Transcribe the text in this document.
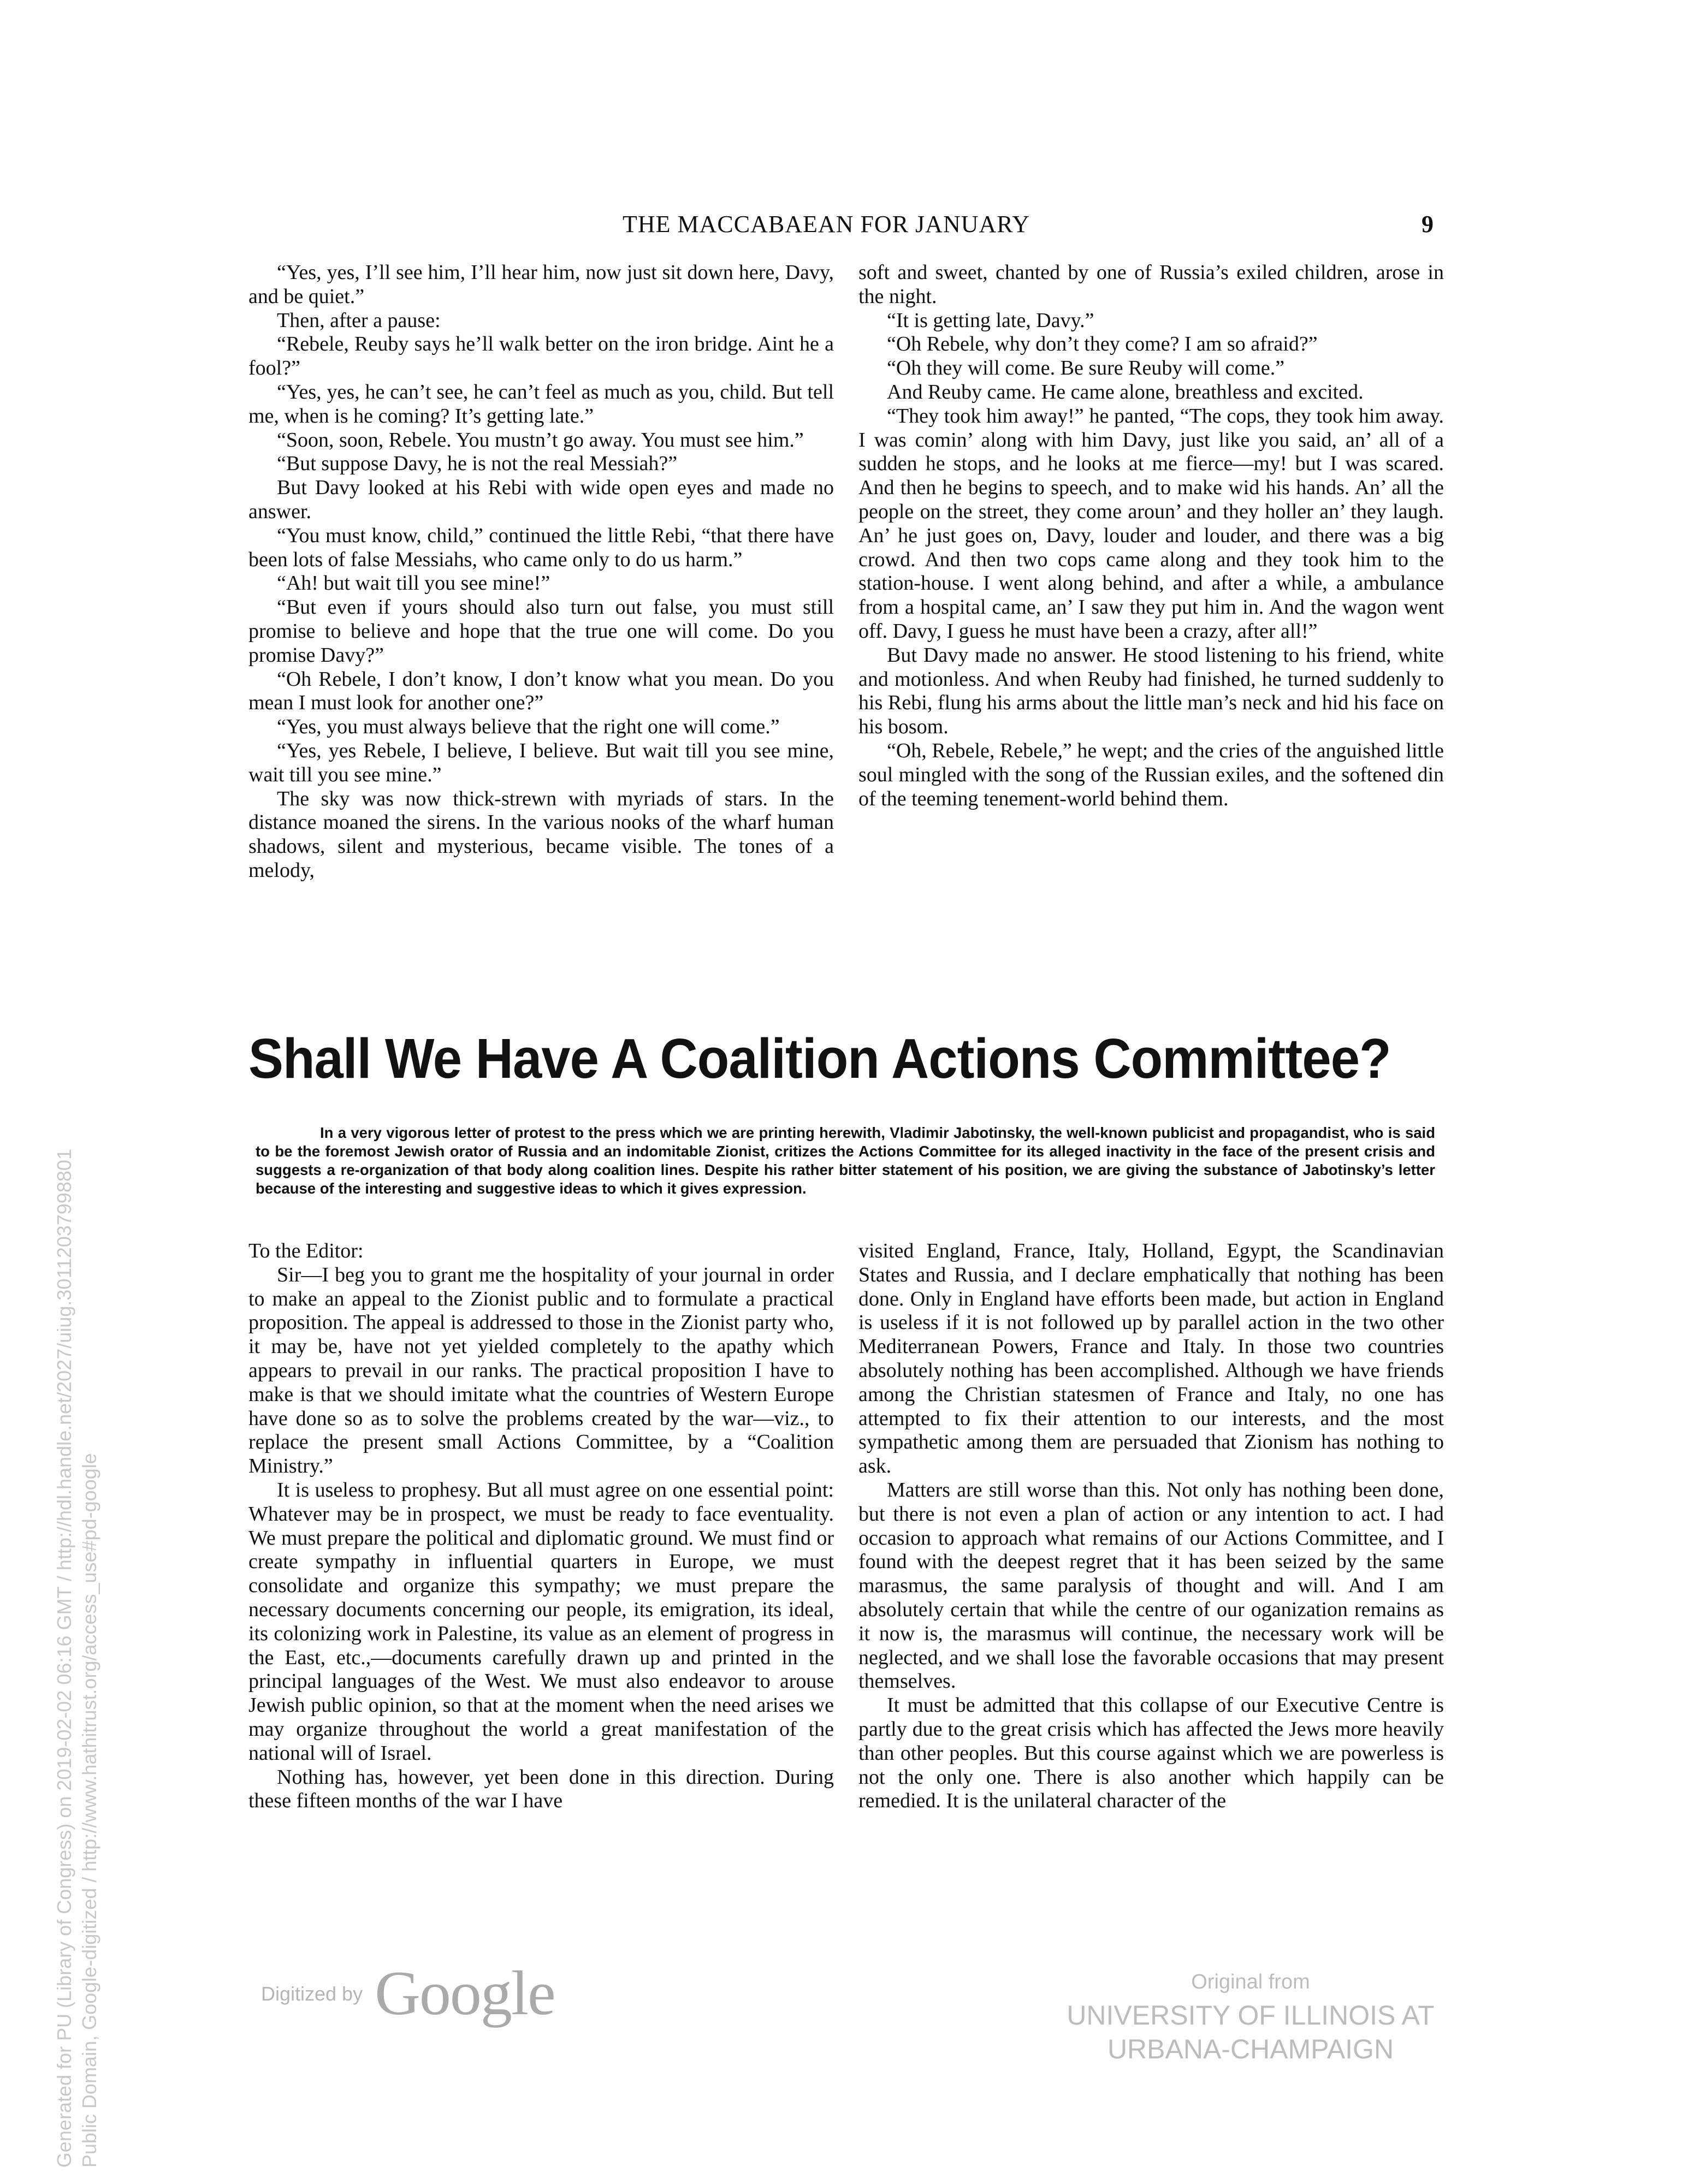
THE MACCABAEAN FOR JANUARY	9

“Yes, yes, I’ll see him, I’ll hear him, now just sit down here, Davy, and be quiet.”

Then, after a pause:

“Rebele, Reuby says he’ll walk better on the iron bridge. Aint he a fool?”

“Yes, yes, he can’t see, he can’t feel as much as you, child. But tell me, when is he coming? It’s getting late.”

“Soon, soon, Rebele. You mustn’t go away. You must see him.”

“But suppose Davy, he is not the real Messiah?”

But Davy looked at his Rebi with wide open eyes and made no answer.

“You must know, child,” continued the little Rebi, “that there have been lots of false Messiahs, who came only to do us harm.”

“Ah! but wait till you see mine!”

“But even if yours should also turn out false, you must still promise to believe and hope that the true one will come. Do you promise Davy?”

“Oh Rebele, I don’t know, I don’t know what you mean. Do you mean I must look for another one?”

“Yes, you must always believe that the right one will come.”

“Yes, yes Rebele, I believe, I believe. But wait till you see mine, wait till you see mine.”

The sky was now thick-strewn with myriads of stars. In the distance moaned the sirens. In the various nooks of the wharf human shadows, silent and mysterious, became visible. The tones of a melody,

soft and sweet, chanted by one of Russia’s exiled children, arose in the night.

“It is getting late, Davy.”

“Oh Rebele, why don’t they come? I am so afraid?”

“Oh they will come. Be sure Reuby will come.”

And Reuby came. He came alone, breathless and excited.

“They took him away!” he panted, “The cops, they took him away. I was comin’ along with him Davy, just like you said, an’ all of a sudden he stops, and he looks at me fierce—my! but I was scared. And then he begins to speech, and to make wid his hands. An’ all the people on the street, they come aroun’ and they holler an’ they laugh. An’ he just goes on, Davy, louder and louder, and there was a big crowd. And then two cops came along and they took him to the station-house. I went along behind, and after a while, a ambulance from a hospital came, an’ I saw they put him in. And the wagon went off. Davy, I guess he must have been a crazy, after all!”

But Davy made no answer. He stood listening to his friend, white and motionless. And when Reuby had finished, he turned suddenly to his Rebi, flung his arms about the little man’s neck and hid his face on his bosom.

“Oh, Rebele, Rebele,” he wept; and the cries of the anguished little soul mingled with the song of the Russian exiles, and the softened din of the teeming tenement-world behind them.

Shall We Have A Coalition Actions Committee?
In a very vigorous letter of protest to the press which we are printing herewith, Vladimir Jabotinsky, the well-known publicist and propagandist, who is said to be the foremost Jewish orator of Russia and an indomitable Zionist, critizes the Actions Committee for its alleged inactivity in the face of the present crisis and suggests a re-organization of that body along coalition lines. Despite his rather bitter statement of his position, we are giving the substance of Jabotinsky’s letter because of the interesting and suggestive ideas to which it gives expression.

To the Editor:

Sir—I beg you to grant me the hospitality of your journal in order to make an appeal to the Zionist public and to formulate a practical proposition. The appeal is addressed to those in the Zionist party who, it may be, have not yet yielded completely to the apathy which appears to prevail in our ranks. The practical proposition I have to make is that we should imitate what the countries of Western Europe have done so as to solve the problems created by the war—viz., to replace the present small Actions Committee, by a “Coalition Ministry.”

It is useless to prophesy. But all must agree on one essential point: Whatever may be in prospect, we must be ready to face eventuality. We must prepare the political and diplomatic ground. We must find or create sympathy in influential quarters in Europe, we must consolidate and organize this sympathy; we must prepare the necessary documents concerning our people, its emigration, its ideal, its colonizing work in Palestine, its value as an element of progress in the East, etc.,—documents carefully drawn up and printed in the principal languages of the West. We must also endeavor to arouse Jewish public opinion, so that at the moment when the need arises we may organize throughout the world a great manifestation of the national will of Israel.

Nothing has, however, yet been done in this direction. During these fifteen months of the war I have

visited England, France, Italy, Holland, Egypt, the Scandinavian States and Russia, and I declare emphatically that nothing has been done. Only in England have efforts been made, but action in England is useless if it is not followed up by parallel action in the two other Mediterranean Powers, France and Italy. In those two countries absolutely nothing has been accomplished. Although we have friends among the Christian statesmen of France and Italy, no one has attempted to fix their attention to our interests, and the most sympathetic among them are persuaded that Zionism has nothing to ask.

Matters are still worse than this. Not only has nothing been done, but there is not even a plan of action or any intention to act. I had occasion to approach what remains of our Actions Committee, and I found with the deepest regret that it has been seized by the same marasmus, the same paralysis of thought and will. And I am absolutely certain that while the centre of our oganization remains as it now is, the marasmus will continue, the necessary work will be neglected, and we shall lose the favorable occasions that may present themselves.

It must be admitted that this collapse of our Executive Centre is partly due to the great crisis which has affected the Jews more heavily than other peoples. But this course against which we are powerless is not the only one. There is also another which happily can be remedied. It is the unilateral character of the

Generated for PU (Library of Congress) on 2019-02-02 06:16 GMT / http://hdl.handle.net/2027/uiug.30112037998801 Public Domain, Google-digitized / http://www.hathitrust.org/access_use#pd-google	Digitized by Google	Original from
UNIVERSITY OF ILLINOIS AT
URBANA-CHAMPAIGN
